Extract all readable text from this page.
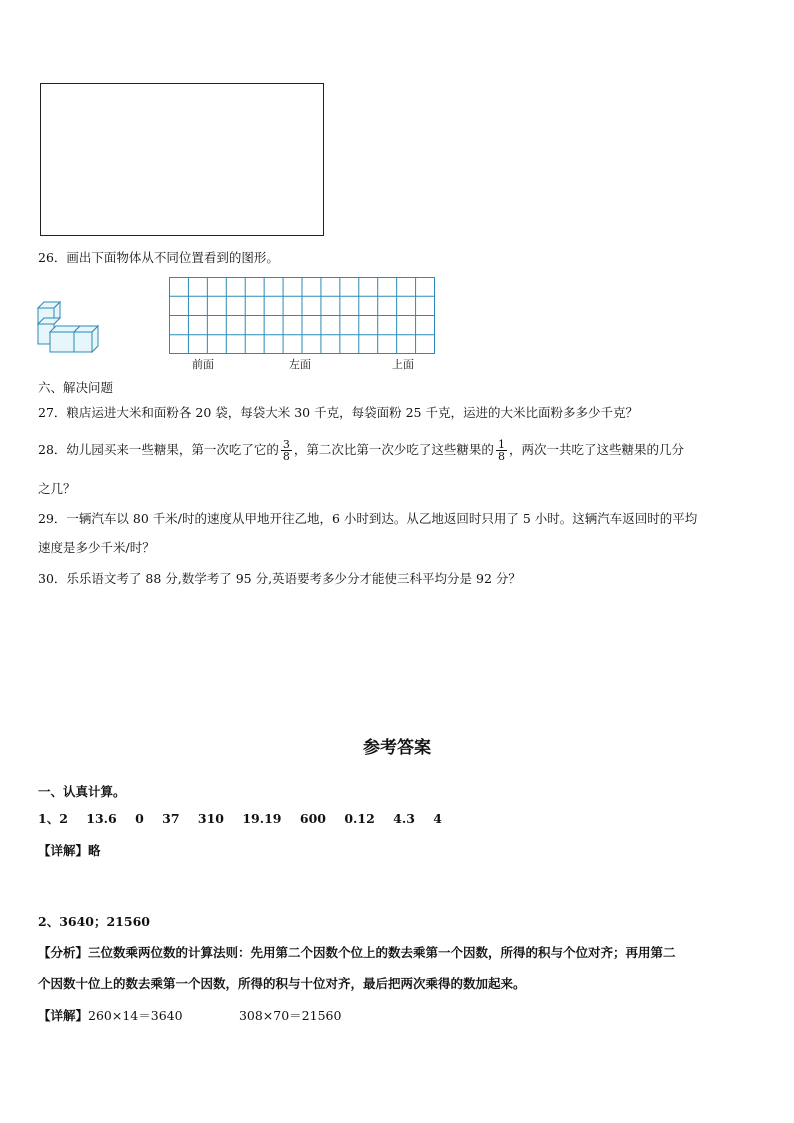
26．画出下面物体从不同位置看到的图形。
前面	左面	上面
六、解决问题
27．粮店运进大米和面粉各 20 袋，每袋大米 30 千克，每袋面粉 25 千克，运进的大米比面粉多多少千克？
28．幼儿园买来一些糖果，第一次吃了它的 $\frac{3}{8}$ ，第二次比第一次少吃了这些糖果的 $\frac{1}{8}$ ，两次一共吃了这些糖果的几分
之几？
29．一辆汽车以 80 千米/时的速度从甲地开往乙地，6 小时到达。从乙地返回时只用了 5 小时。这辆汽车返回时的平均
速度是多少千米/时？
30．乐乐语文考了 88 分,数学考了 95 分,英语要考多少分才能使三科平均分是 92 分？
参考答案
一、认真计算。
1、2 13.6 0 37 310 19.19 600 0.12 4.3 4
【详解】略
2、3640；21560
【分析】三位数乘两位数的计算法则：先用第二个因数个位上的数去乘第一个因数，所得的积与个位对齐；再用第二
个因数十位上的数去乘第一个因数，所得的积与十位对齐，最后把两次乘得的数加起来。
【详解】260×14＝3640	308×70＝21560
